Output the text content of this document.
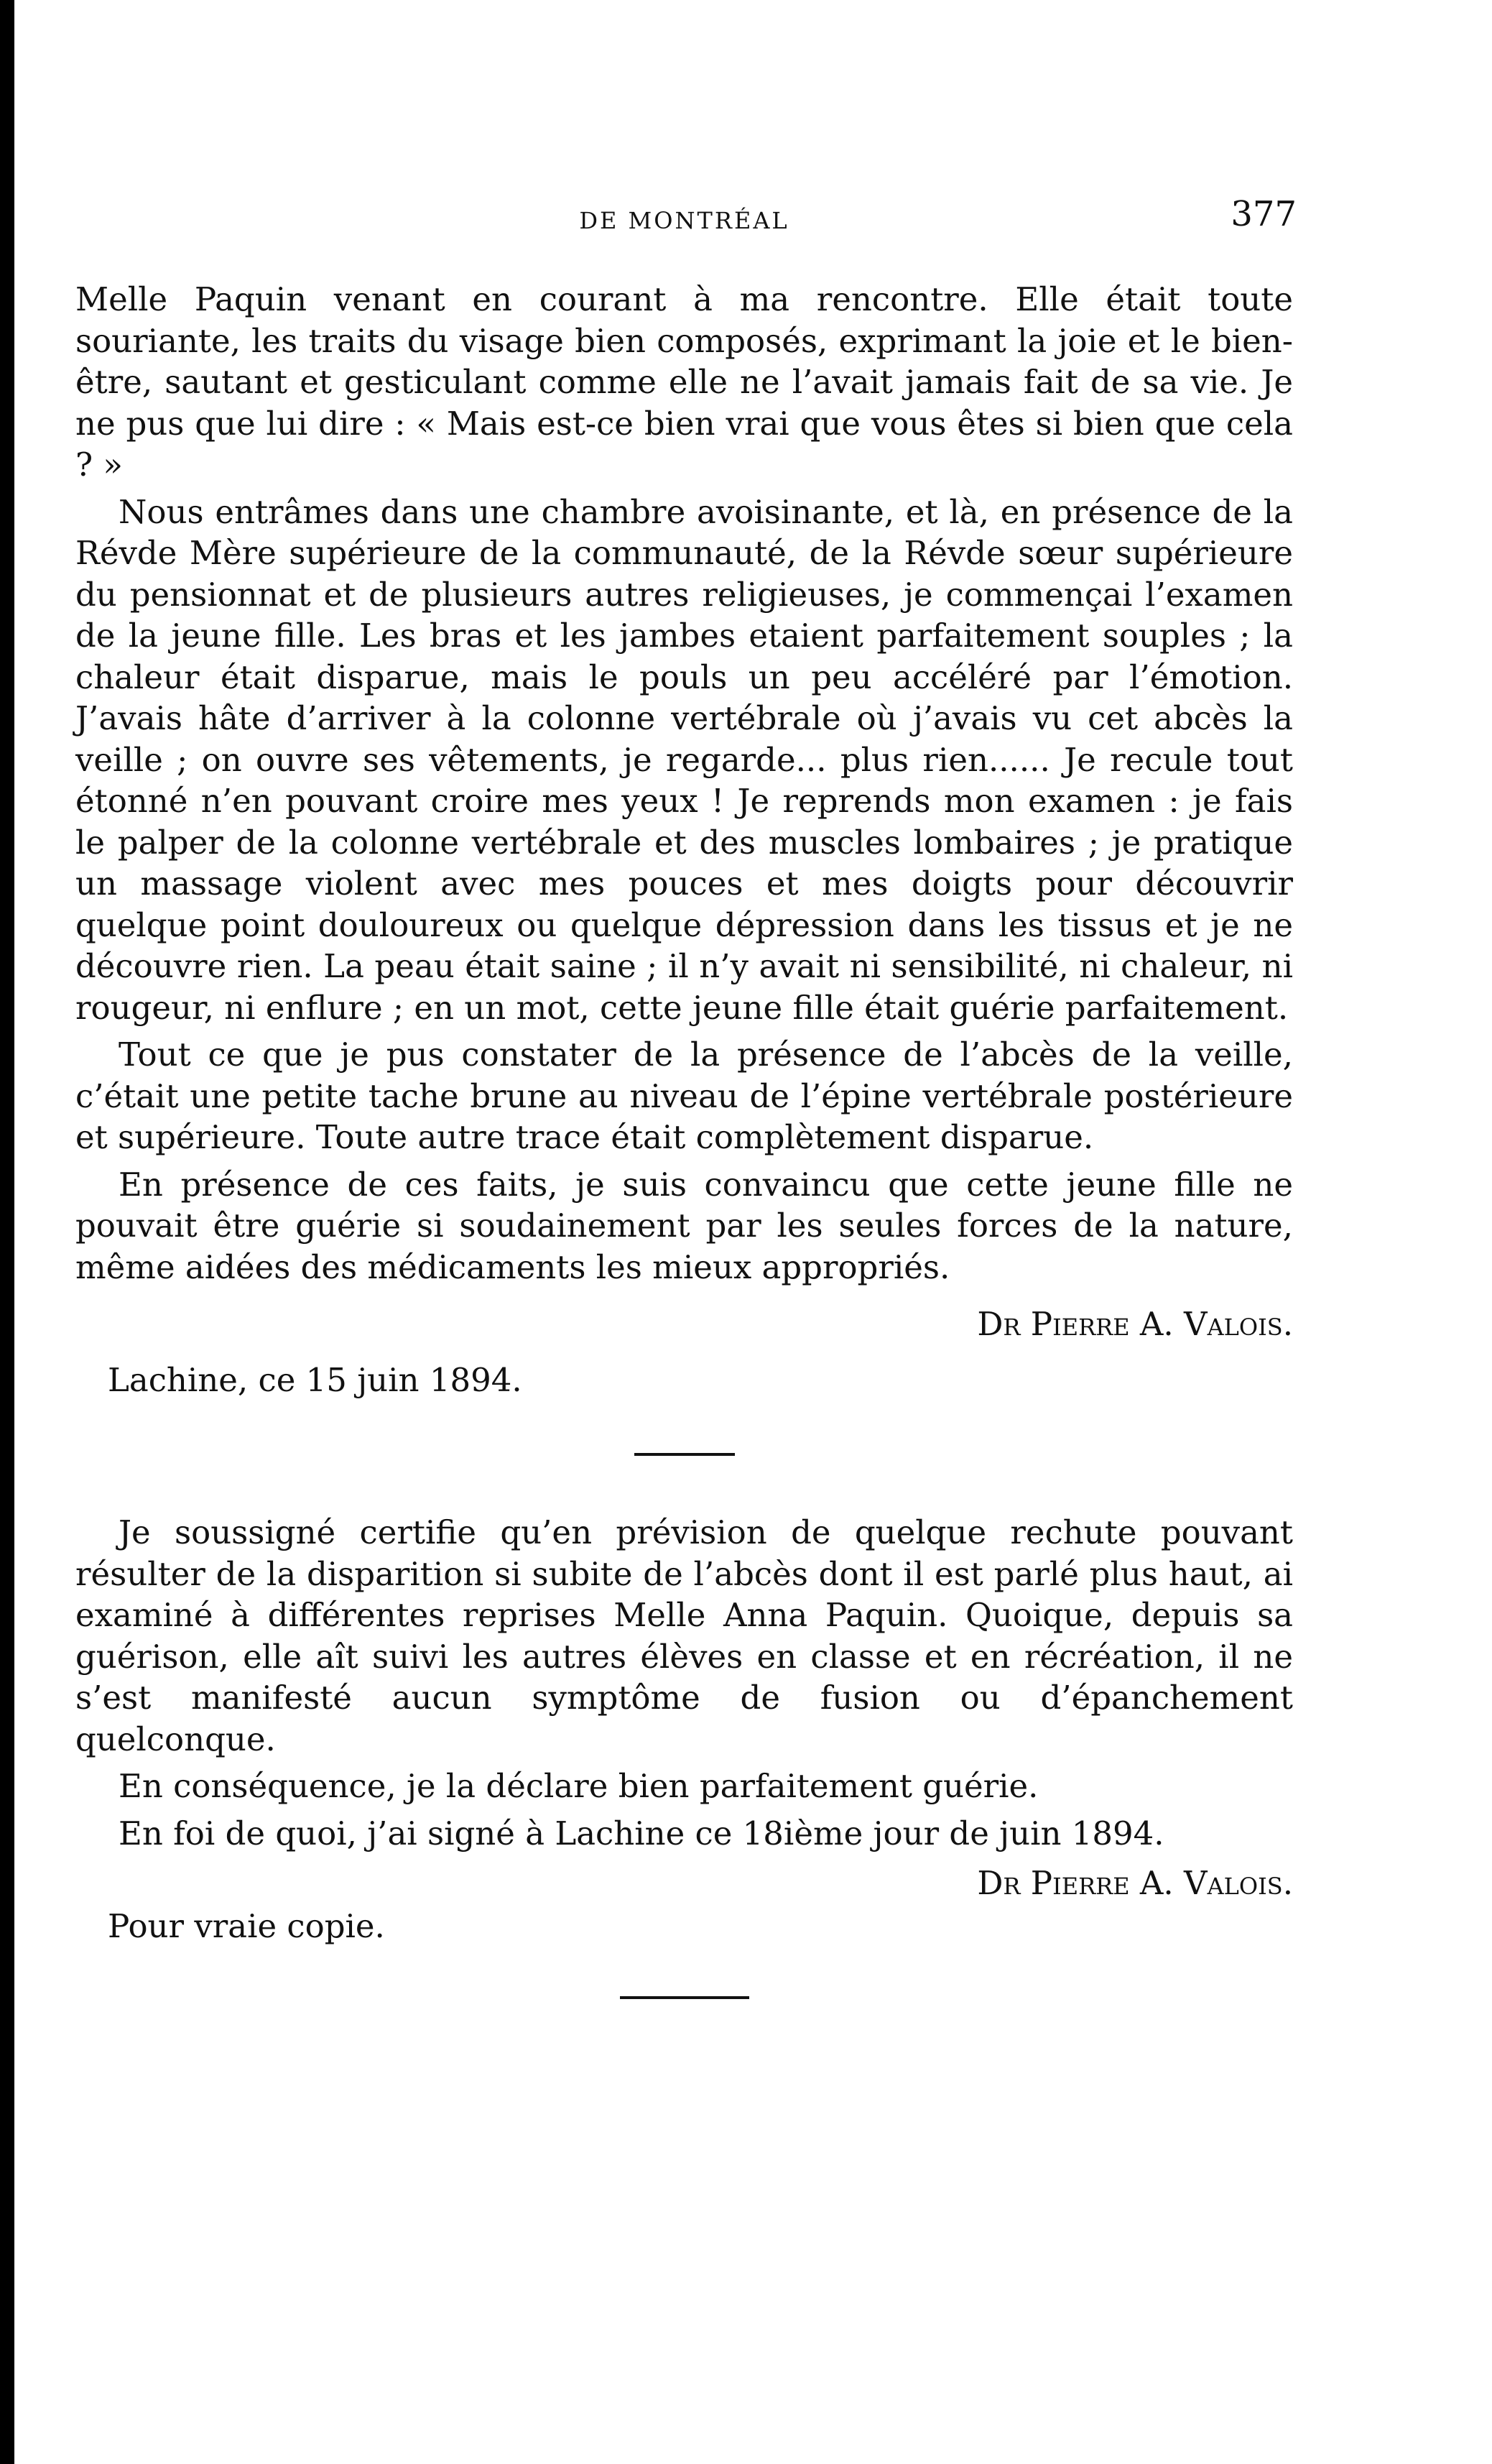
DE MONTRÉAL	377

Melle Paquin venant en courant à ma rencontre. Elle était toute souriante, les traits du visage bien composés, exprimant la joie et le bien-être, sautant et gesticulant comme elle ne l’avait jamais fait de sa vie. Je ne pus que lui dire : « Mais est-ce bien vrai que vous êtes si bien que cela ? »

Nous entrâmes dans une chambre avoisinante, et là, en présence de la Révde Mère supérieure de la communauté, de la Révde sœur supérieure du pensionnat et de plusieurs autres religieuses, je commençai l’examen de la jeune fille. Les bras et les jambes etaient parfaitement souples ; la chaleur était disparue, mais le pouls un peu accéléré par l’émotion. J’avais hâte d’arriver à la colonne vertébrale où j’avais vu cet abcès la veille ; on ouvre ses vêtements, je regarde... plus rien...... Je recule tout étonné n’en pouvant croire mes yeux ! Je reprends mon examen : je fais le palper de la colonne vertébrale et des muscles lombaires ; je pratique un massage violent avec mes pouces et mes doigts pour découvrir quelque point douloureux ou quelque dépression dans les tissus et je ne découvre rien. La peau était saine ; il n’y avait ni sensibilité, ni chaleur, ni rougeur, ni enflure ; en un mot, cette jeune fille était guérie parfaitement.

Tout ce que je pus constater de la présence de l’abcès de la veille, c’était une petite tache brune au niveau de l’épine vertébrale postérieure et supérieure. Toute autre trace était complètement disparue.

En présence de ces faits, je suis convaincu que cette jeune fille ne pouvait être guérie si soudainement par les seules forces de la nature, même aidées des médicaments les mieux appropriés.

Dr Pierre A. Valois.
Lachine, ce 15 juin 1894.

Je soussigné certifie qu’en prévision de quelque rechute pouvant résulter de la disparition si subite de l’abcès dont il est parlé plus haut, ai examiné à différentes reprises Melle Anna Paquin. Quoique, depuis sa guérison, elle aît suivi les autres élèves en classe et en récréation, il ne s’est manifesté aucun symptôme de fusion ou d’épanchement quelconque.

En conséquence, je la déclare bien parfaitement guérie.

En foi de quoi, j’ai signé à Lachine ce 18ième jour de juin 1894.

Dr Pierre A. Valois.
Pour vraie copie.
